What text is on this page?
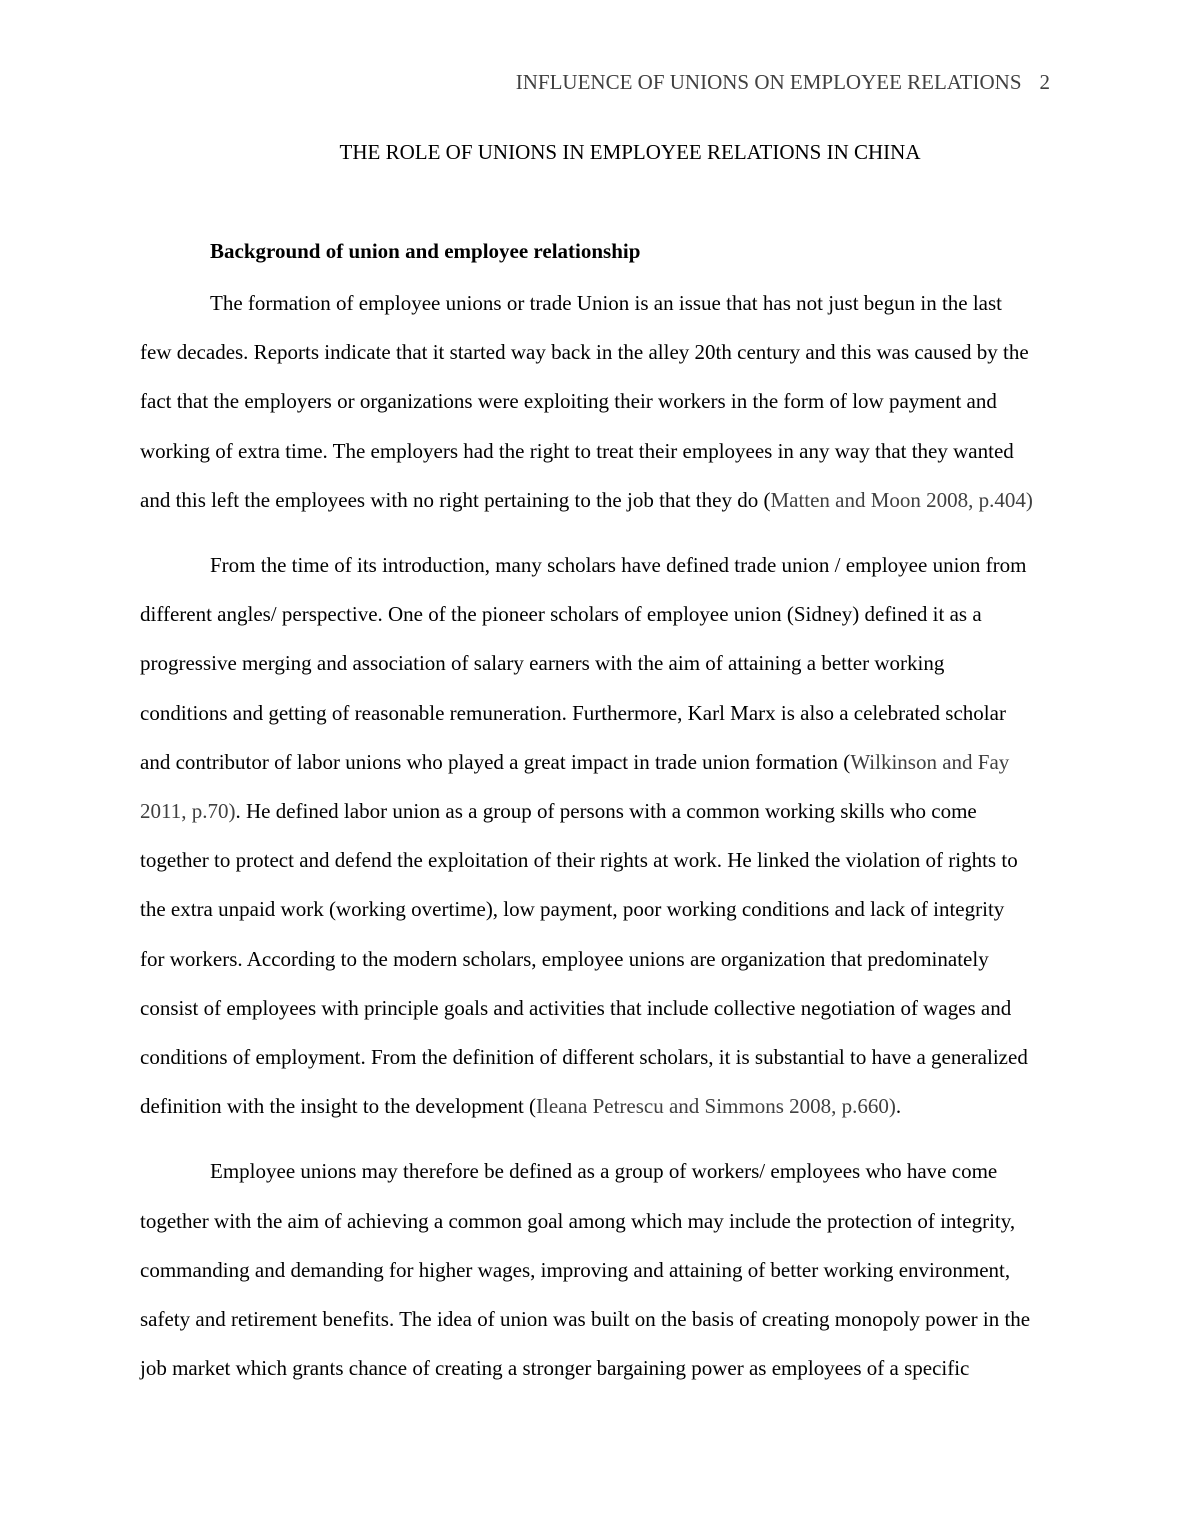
INFLUENCE OF UNIONS ON EMPLOYEE RELATIONS 2
THE ROLE OF UNIONS IN EMPLOYEE RELATIONS IN CHINA
Background of union and employee relationship
The formation of employee unions or trade Union is an issue that has not just begun in the last
few decades. Reports indicate that it started way back in the alley 20th century and this was caused by the
fact that the employers or organizations were exploiting their workers in the form of low payment and
working of extra time. The employers had the right to treat their employees in any way that they wanted
and this left the employees with no right pertaining to the job that they do (Matten and Moon 2008, p.404)
From the time of its introduction, many scholars have defined trade union / employee union from
different angles/ perspective. One of the pioneer scholars of employee union (Sidney) defined it as a
progressive merging and association of salary earners with the aim of attaining a better working
conditions and getting of reasonable remuneration. Furthermore, Karl Marx is also a celebrated scholar
and contributor of labor unions who played a great impact in trade union formation (Wilkinson and Fay
2011, p.70). He defined labor union as a group of persons with a common working skills who come
together to protect and defend the exploitation of their rights at work. He linked the violation of rights to
the extra unpaid work (working overtime), low payment, poor working conditions and lack of integrity
for workers. According to the modern scholars, employee unions are organization that predominately
consist of employees with principle goals and activities that include collective negotiation of wages and
conditions of employment. From the definition of different scholars, it is substantial to have a generalized
definition with the insight to the development (Ileana Petrescu and Simmons 2008, p.660).
Employee unions may therefore be defined as a group of workers/ employees who have come
together with the aim of achieving a common goal among which may include the protection of integrity,
commanding and demanding for higher wages, improving and attaining of better working environment,
safety and retirement benefits. The idea of union was built on the basis of creating monopoly power in the
job market which grants chance of creating a stronger bargaining power as employees of a specific
